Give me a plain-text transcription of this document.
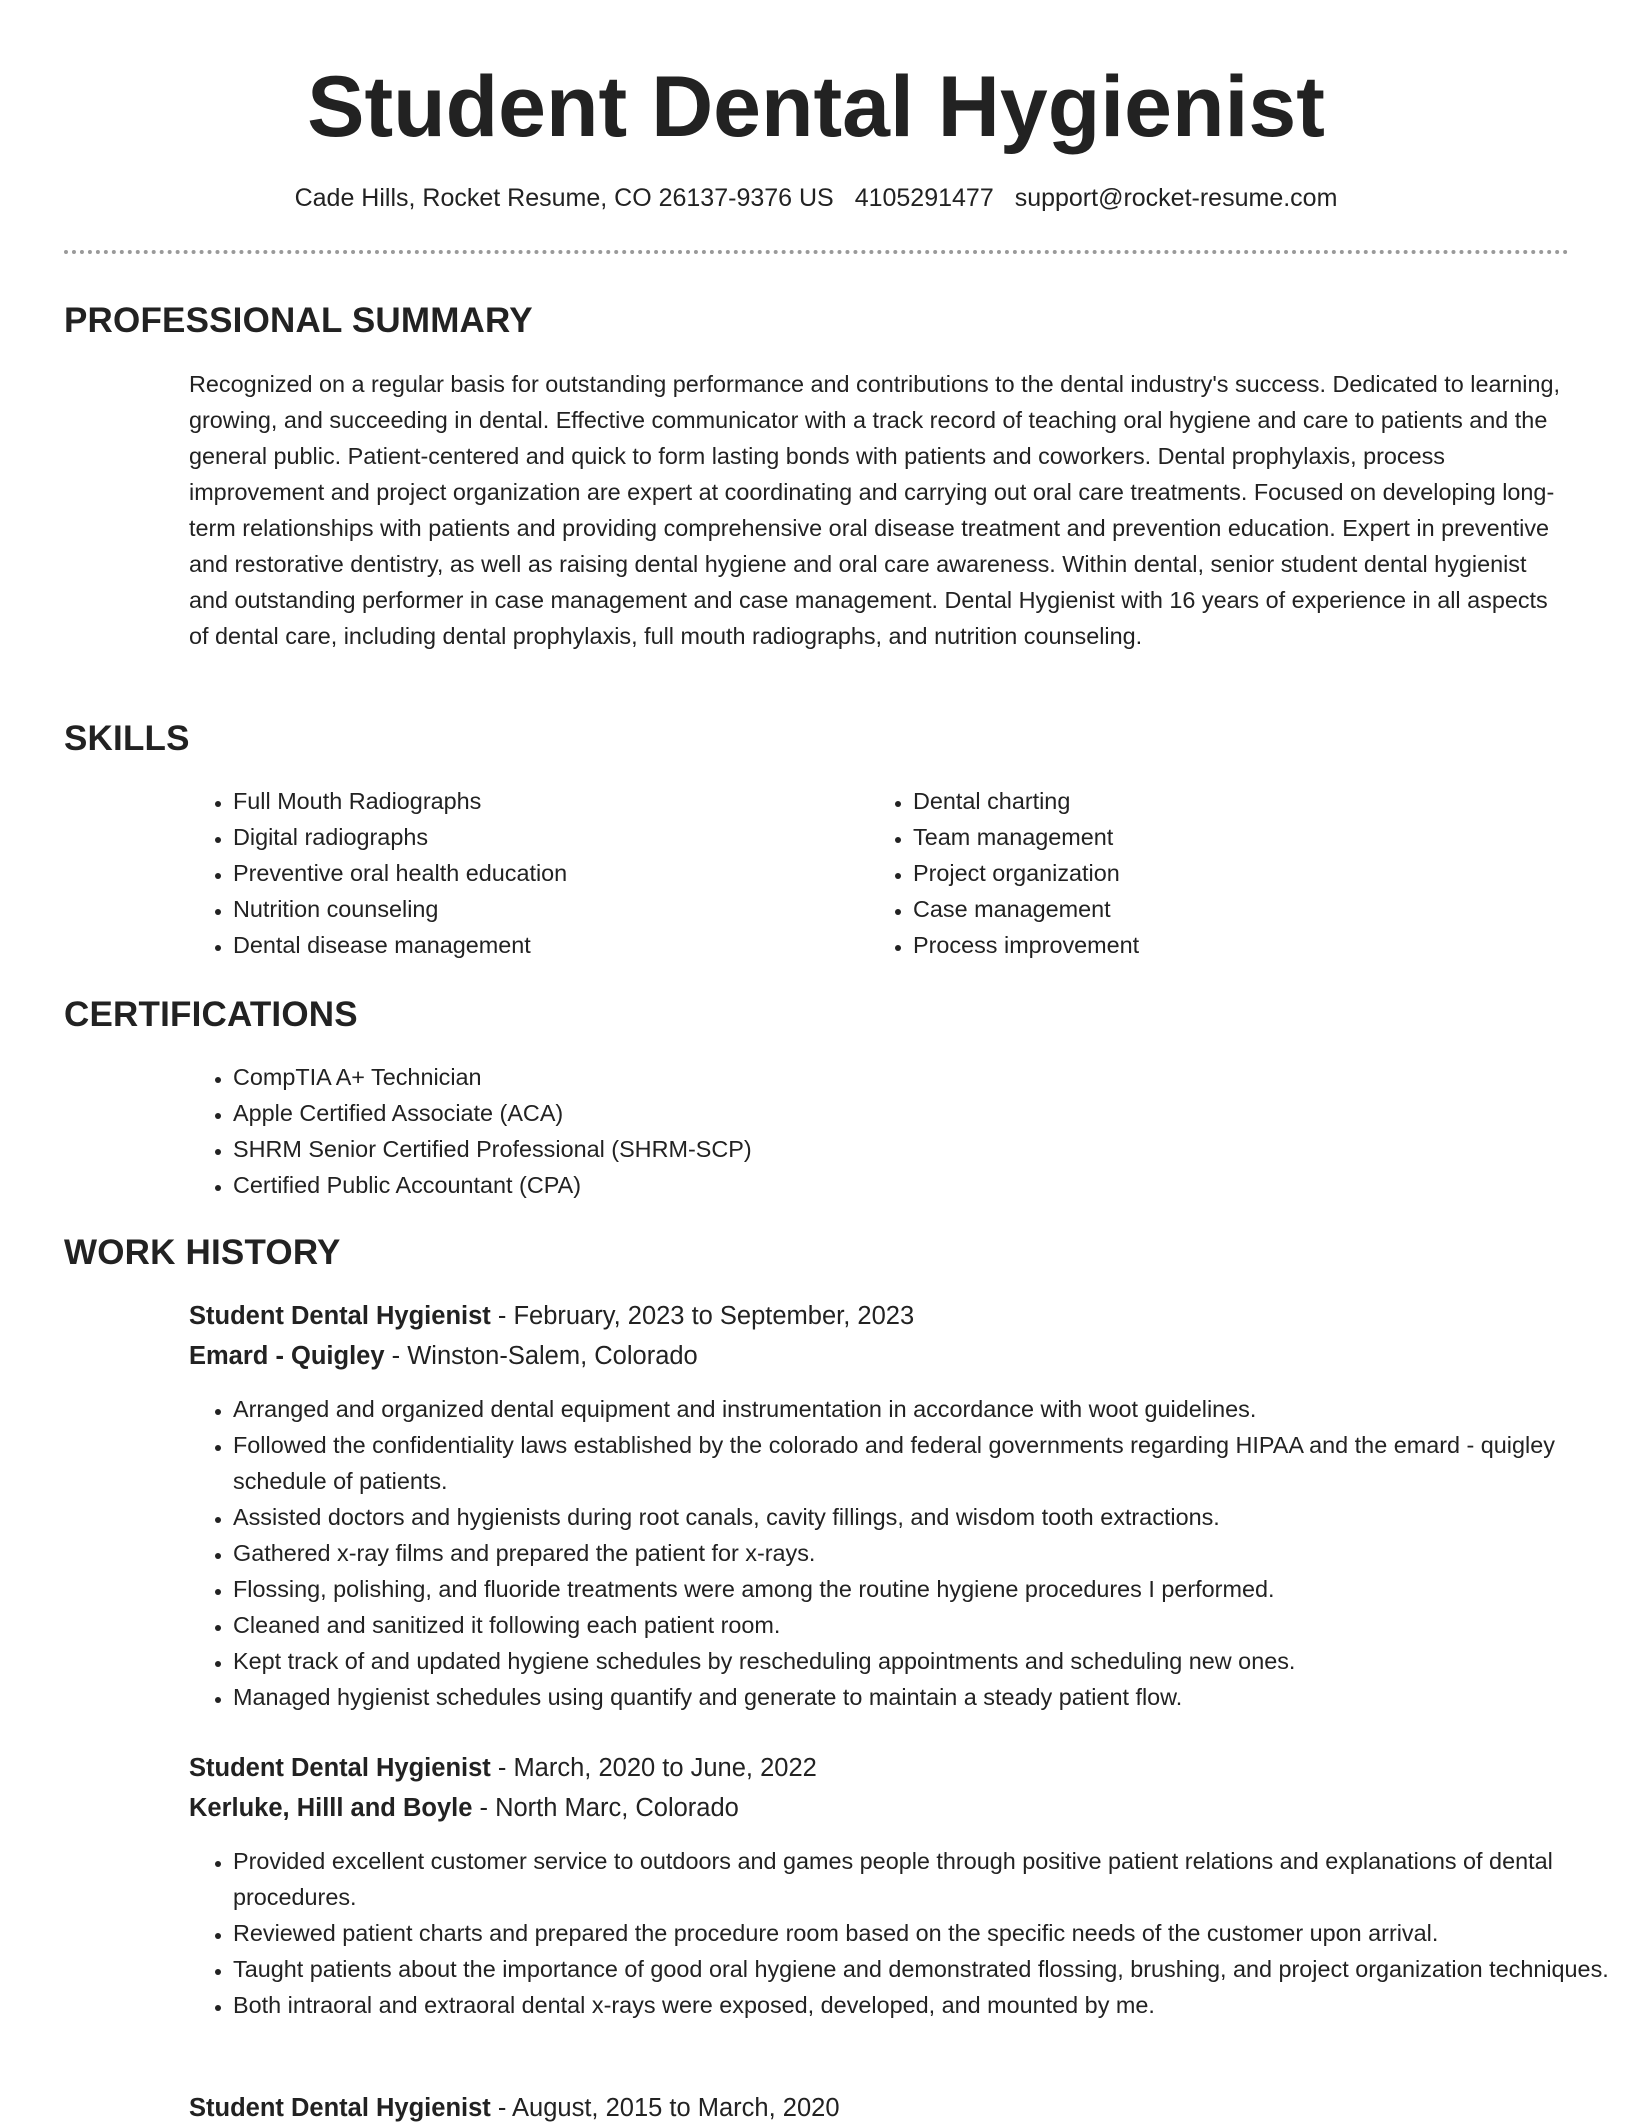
Student Dental Hygienist
Cade Hills, Rocket Resume, CO 26137-9376 US 4105291477 support@rocket-resume.com
PROFESSIONAL SUMMARY

Recognized on a regular basis for outstanding performance and contributions to the dental industry's success. Dedicated to learning, growing, and succeeding in dental. Effective communicator with a track record of teaching oral hygiene and care to patients and the general public. Patient-centered and quick to form lasting bonds with patients and coworkers. Dental prophylaxis, process improvement and project organization are expert at coordinating and carrying out oral care treatments. Focused on developing long-term relationships with patients and providing comprehensive oral disease treatment and prevention education. Expert in preventive and restorative dentistry, as well as raising dental hygiene and oral care awareness. Within dental, senior student dental hygienist and outstanding performer in case management and case management. Dental Hygienist with 16 years of experience in all aspects of dental care, including dental prophylaxis, full mouth radiographs, and nutrition counseling.

SKILLS
• Full Mouth Radiographs
• Digital radiographs
• Preventive oral health education
• Nutrition counseling
• Dental disease management
• Dental charting
• Team management
• Project organization
• Case management
• Process improvement
CERTIFICATIONS
• CompTIA A+ Technician
• Apple Certified Associate (ACA)
• SHRM Senior Certified Professional (SHRM-SCP)
• Certified Public Accountant (CPA)
WORK HISTORY
Student Dental Hygienist - February, 2023 to September, 2023
Emard - Quigley - Winston-Salem, Colorado
• Arranged and organized dental equipment and instrumentation in accordance with woot guidelines.
• Followed the confidentiality laws established by the colorado and federal governments regarding HIPAA and the emard - quigley schedule of patients.
• Assisted doctors and hygienists during root canals, cavity fillings, and wisdom tooth extractions.
• Gathered x-ray films and prepared the patient for x-rays.
• Flossing, polishing, and fluoride treatments were among the routine hygiene procedures I performed.
• Cleaned and sanitized it following each patient room.
• Kept track of and updated hygiene schedules by rescheduling appointments and scheduling new ones.
• Managed hygienist schedules using quantify and generate to maintain a steady patient flow.
Student Dental Hygienist - March, 2020 to June, 2022
Kerluke, Hilll and Boyle - North Marc, Colorado
• Provided excellent customer service to outdoors and games people through positive patient relations and explanations of dental procedures.
• Reviewed patient charts and prepared the procedure room based on the specific needs of the customer upon arrival.
• Taught patients about the importance of good oral hygiene and demonstrated flossing, brushing, and project organization techniques.
• Both intraoral and extraoral dental x-rays were exposed, developed, and mounted by me.
Student Dental Hygienist - August, 2015 to March, 2020
